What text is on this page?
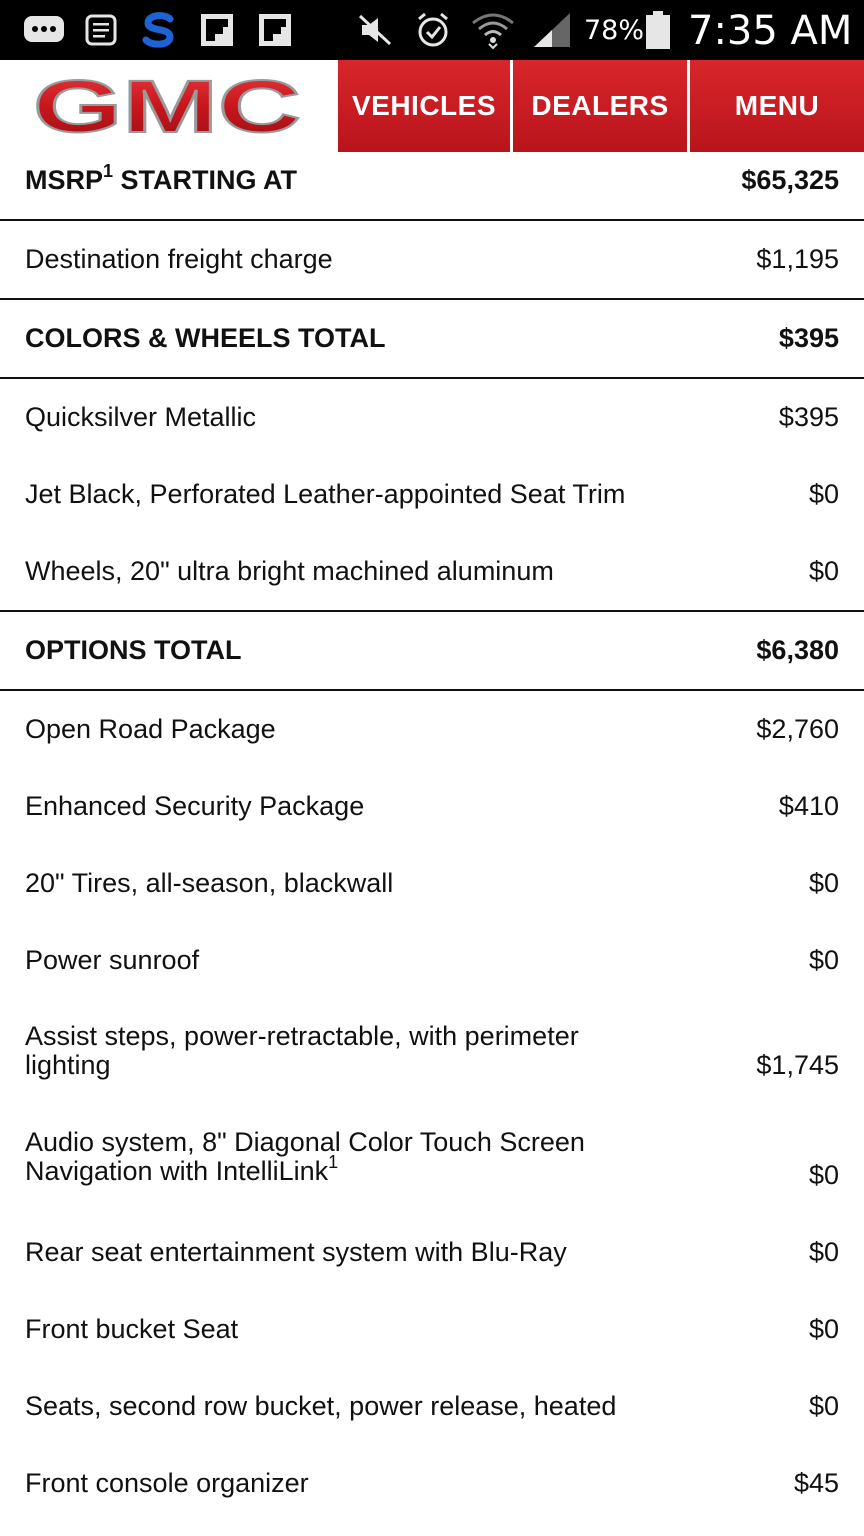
78% 7:35 AM
GMC	VEHICLES	DEALERS	MENU
MSRP$^1$ STARTING AT	$65,325
Destination freight charge	$1,195
COLORS & WHEELS TOTAL	$395
Quicksilver Metallic	$395
Jet Black, Perforated Leather-appointed Seat Trim	$0
Wheels, 20" ultra bright machined aluminum	$0
OPTIONS TOTAL	$6,380
Open Road Package	$2,760
Enhanced Security Package	$410
20" Tires, all-season, blackwall	$0
Power sunroof	$0
Assist steps, power-retractable, with perimeter lighting	$1,745
Audio system, 8" Diagonal Color Touch Screen Navigation with IntelliLink$^1$	$0
Rear seat entertainment system with Blu-Ray	$0
Front bucket Seat	$0
Seats, second row bucket, power release, heated	$0
Front console organizer	$45
